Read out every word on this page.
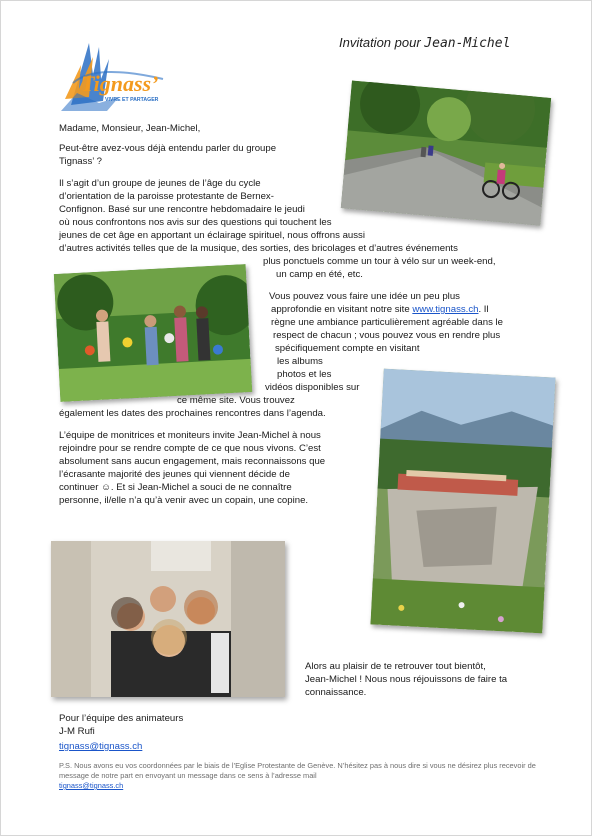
Tignass’
VIVRE ET PARTAGER
Invitation pour Jean-Michel

Madame, Monsieur, Jean-Michel,

Peut-être avez-vous déjà entendu parler du groupe

Tignass’ ?

Il s’agit d’un groupe de jeunes de l’âge du cycle

d’orientation de la paroisse protestante de Bernex-

Confignon. Basé sur une rencontre hebdomadaire le jeudi

où nous confrontons nos avis sur des questions qui touchent les

jeunes de cet âge en apportant un éclairage spirituel, nous offrons aussi

d’autres activités telles que de la musique, des sorties, des bricolages et d’autres événements

plus ponctuels comme un tour à vélo sur un week-end,

un camp en été, etc.

Vous pouvez vous faire une idée un peu plus

approfondie en visitant notre site www.tignass.ch. Il

règne une ambiance particulièrement agréable dans le

respect de chacun ; vous pouvez vous en rendre plus

spécifiquement compte en visitant

les albums

photos et les

vidéos disponibles sur

ce même site. Vous trouvez

également les dates des prochaines rencontres dans l’agenda.

L’équipe de monitrices et moniteurs invite Jean-Michel à nous

rejoindre pour se rendre compte de ce que nous vivons. C’est

absolument sans aucun engagement, mais reconnaissons que

l’écrasante majorité des jeunes qui viennent décide de

continuer ☺. Et si Jean-Michel a souci de ne connaître

personne, il/elle n’a qu’à venir avec un copain, une copine.

Alors au plaisir de te retrouver tout bientôt,

Jean-Michel ! Nous nous réjouissons de faire ta

connaissance.

Pour l’équipe des animateurs

J-M Rufi

tignass@tignass.ch

P.S. Nous avons eu vos coordonnées par le biais de l’Eglise Protestante de Genève. N’hésitez pas à nous dire si vous ne désirez plus recevoir de message de notre part en envoyant un message dans ce sens à l’adresse mail
tignass@tignass.ch
